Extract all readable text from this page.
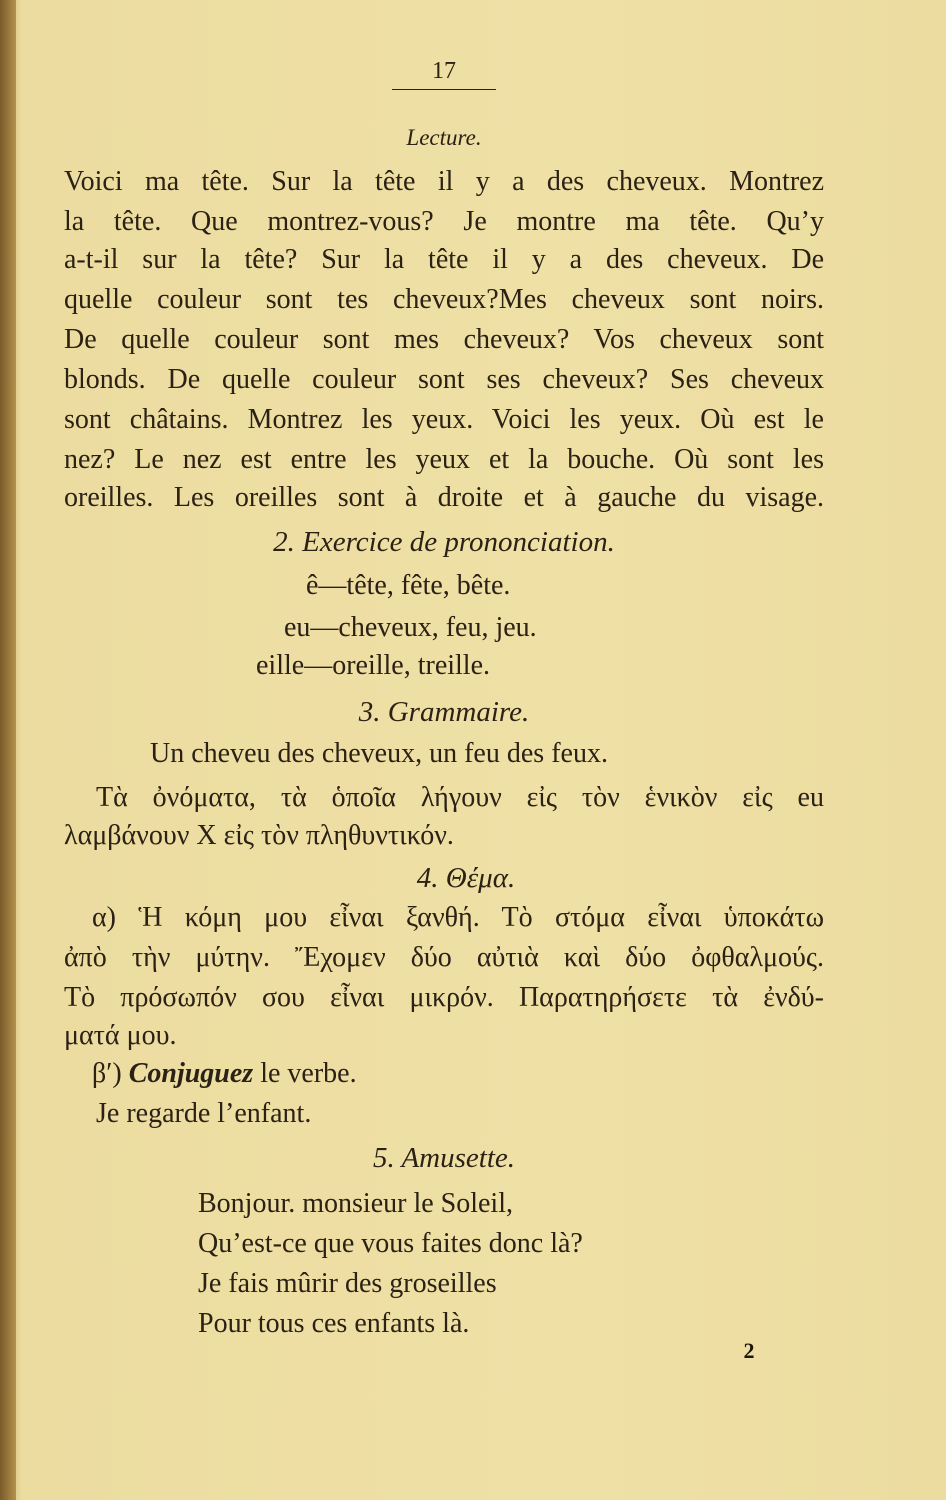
17
Lecture.
Voici ma tête. Sur la tête il y a des cheveux. Montrez
la tête. Que montrez-vous? Je montre ma tête. Qu’y
a-t-il sur la tête? Sur la tête il y a des cheveux. De
quelle couleur sont tes cheveux?Mes cheveux sont noirs.
De quelle couleur sont mes cheveux? Vos cheveux sont
blonds. De quelle couleur sont ses cheveux? Ses cheveux
sont châtains. Montrez les yeux. Voici les yeux. Où est le
nez? Le nez est entre les yeux et la bouche. Où sont les
oreilles. Les oreilles sont à droite et à gauche du visage.
2. Exercice de prononciation.
ê—tête, fête, bête.
eu—cheveux, feu, jeu.
eille—oreille, treille.
3. Grammaire.
Un cheveu des cheveux, un feu des feux.
Τὰ ὀνόματα, τὰ ὁποῖα λήγουν εἰς τὸν ἑνικὸν εἰς eu
λαμβάνουν X εἰς τὸν πληθυντικόν.
4. Θέμα.
α) Ἡ κόμη μου εἶναι ξανθή. Τὸ στόμα εἶναι ὑποκάτω
ἀπὸ τὴν μύτην. Ἔχομεν δύο αὐτιὰ καὶ δύο ὀφθαλμούς.
Τὸ πρόσωπόν σου εἶναι μικρόν. Παρατηρήσετε τὰ ἐνδύ-
ματά μου.
β′) Conjuguez le verbe.
Je regarde l’enfant.
5. Amusette.
Bonjour. monsieur le Soleil,
Qu’est-ce que vous faites donc là?
Je fais mûrir des groseilles
Pour tous ces enfants là.
2
